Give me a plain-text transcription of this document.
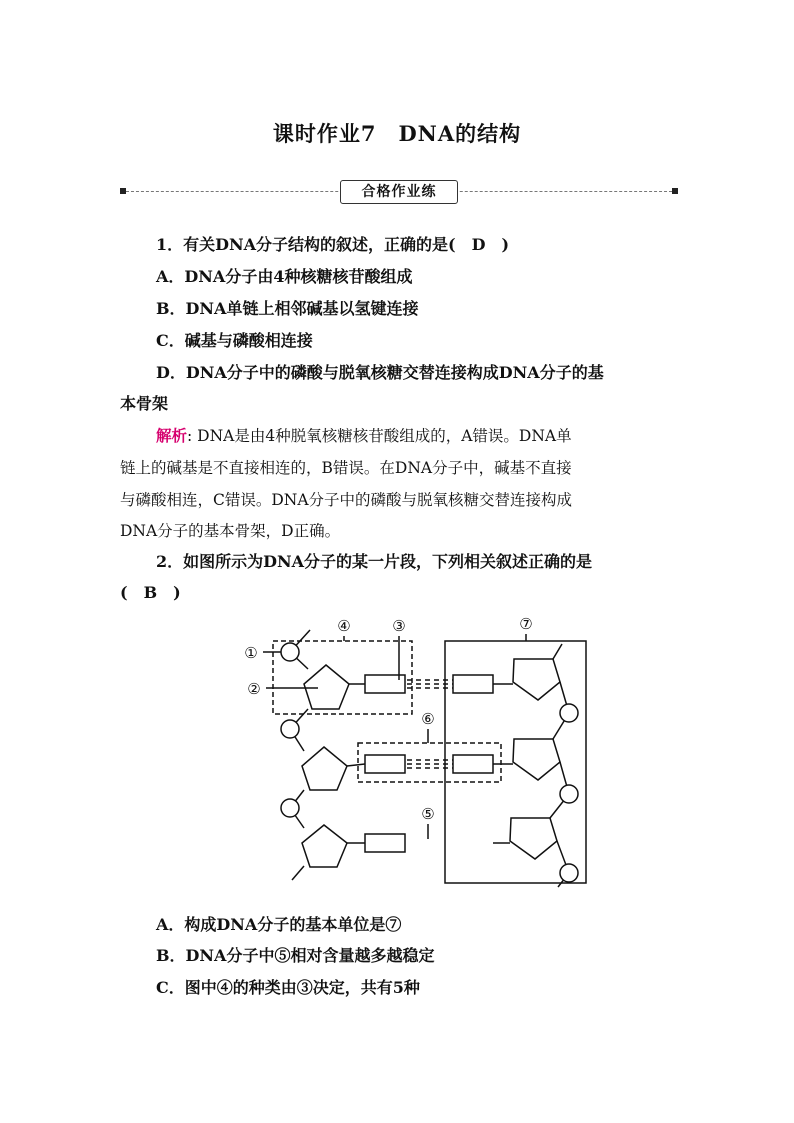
课时作业7　DNA的结构
合格作业练
1．有关DNA分子结构的叙述，正确的是(　D　)
A．DNA分子由4种核糖核苷酸组成
B．DNA单链上相邻碱基以氢键连接
C．碱基与磷酸相连接
D．DNA分子中的磷酸与脱氧核糖交替连接构成DNA分子的基
本骨架
解析: DNA是由4种脱氧核糖核苷酸组成的，A错误。DNA单
链上的碱基是不直接相连的，B错误。在DNA分子中，碱基不直接
与磷酸相连，C错误。DNA分子中的磷酸与脱氧核糖交替连接构成
DNA分子的基本骨架，D正确。
2．如图所示为DNA分子的某一片段，下列相关叙述正确的是
(　B　)
①
②
③
④
⑤
⑥
⑦
A．构成DNA分子的基本单位是⑦
B．DNA分子中⑤相对含量越多越稳定
C．图中④的种类由③决定，共有5种
